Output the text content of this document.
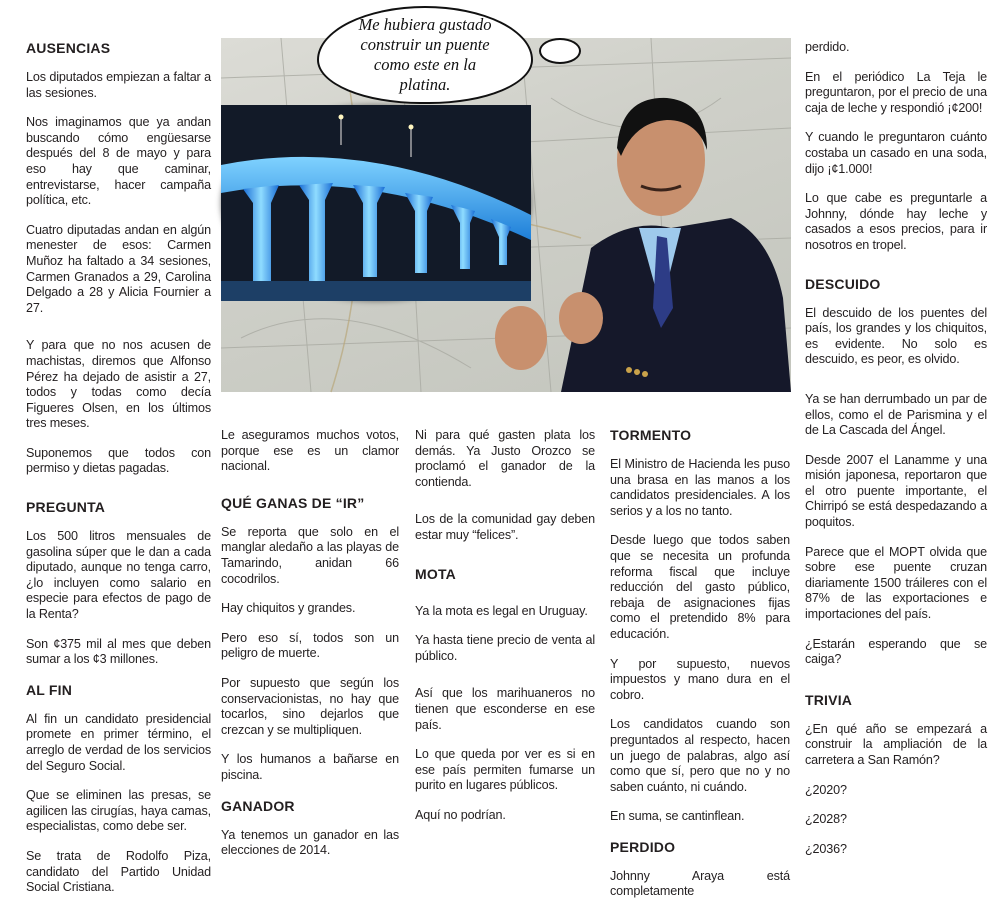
AUSENCIAS

Los diputados empiezan a faltar a las sesiones.

Nos imaginamos que ya andan buscando cómo engüesarse después del 8 de mayo y para eso hay que caminar, entrevistarse, hacer campaña política, etc.

Cuatro diputadas andan en algún menester de esos: Carmen Muñoz ha faltado a 34 sesiones, Carmen Granados a 29, Carolina Delgado a 28 y Alicia Fournier a 27.

Y para que no nos acusen de machistas, diremos que Alfonso Pérez ha dejado de asistir a 27, todos y todas como decía Figueres Olsen, en los últimos tres meses.

Suponemos que todos con permiso y dietas pagadas.

PREGUNTA

Los 500 litros mensuales de gasolina súper que le dan a cada diputado, aunque no tenga carro, ¿lo incluyen como salario en especie para efectos de pago de la Renta?

Son ¢375 mil al mes que deben sumar a los ¢3 millones.

AL FIN

Al fin un candidato presidencial promete en primer término, el arreglo de verdad de los servicios del Seguro Social.

Que se eliminen las presas, se agilicen las cirugías, haya camas, especialistas, como debe ser.

Se trata de Rodolfo Piza, candidato del Partido Unidad Social Cristiana.

Me hubiera gustado construir un puente como este en la platina.

Le aseguramos muchos votos, porque ese es un clamor nacional.

QUÉ GANAS DE “IR”

Se reporta que solo en el manglar aledaño a las playas de Tamarindo, anidan 66 cocodrilos.

Hay chiquitos y grandes.

Pero eso sí, todos son un peligro de muerte.

Por supuesto que según los conservacionistas, no hay que tocarlos, sino dejarlos que crezcan y se multipliquen.

Y los humanos a bañarse en piscina.

GANADOR

Ya tenemos un ganador en las elecciones de 2014.

Ni para qué gasten plata los demás. Ya Justo Orozco se proclamó el ganador de la contienda.

Los de la comunidad gay deben estar muy “felices”.

MOTA

Ya la mota es legal en Uruguay.

Ya hasta tiene precio de venta al público.

Así que los marihuaneros no tienen que esconderse en ese país.

Lo que queda por ver es si en ese país permiten fumarse un purito en lugares públicos.

Aquí no podrían.

TORMENTO

El Ministro de Hacienda les puso una brasa en las manos a los candidatos presidenciales. A los serios y a los no tanto.

Desde luego que todos saben que se necesita un profunda reforma fiscal que incluye reducción del gasto público, rebaja de asignaciones fijas como el pretendido 8% para educación.

Y por supuesto, nuevos impuestos y mano dura en el cobro.

Los candidatos cuando son preguntados al respecto, hacen un juego de palabras, algo así como que sí, pero que no y no saben cuánto, ni cuándo.

En suma, se cantinflean.

PERDIDO

Johnny Araya está completamente

perdido.

En el periódico La Teja le preguntaron, por el precio de una caja de leche y respondió ¡¢200!

Y cuando le preguntaron cuánto costaba un casado en una soda, dijo ¡¢1.000!

Lo que cabe es preguntarle a Johnny, dónde hay leche y casados a esos precios, para ir nosotros en tropel.

DESCUIDO

El descuido de los puentes del país, los grandes y los chiquitos, es evidente. No solo es descuido, es peor, es olvido.

Ya se han derrumbado un par de ellos, como el de Parismina y el de La Cascada del Ángel.

Desde 2007 el Lanamme y una misión japonesa, reportaron que el otro puente importante, el Chirripó se está despedazando a poquitos.

Parece que el MOPT olvida que sobre ese puente cruzan diariamente 1500 tráileres con el 87% de las exportaciones e importaciones del país.

¿Estarán esperando que se caiga?

TRIVIA

¿En qué año se empezará a construir la ampliación de la carretera a San Ramón?

¿2020?

¿2028?

¿2036?
